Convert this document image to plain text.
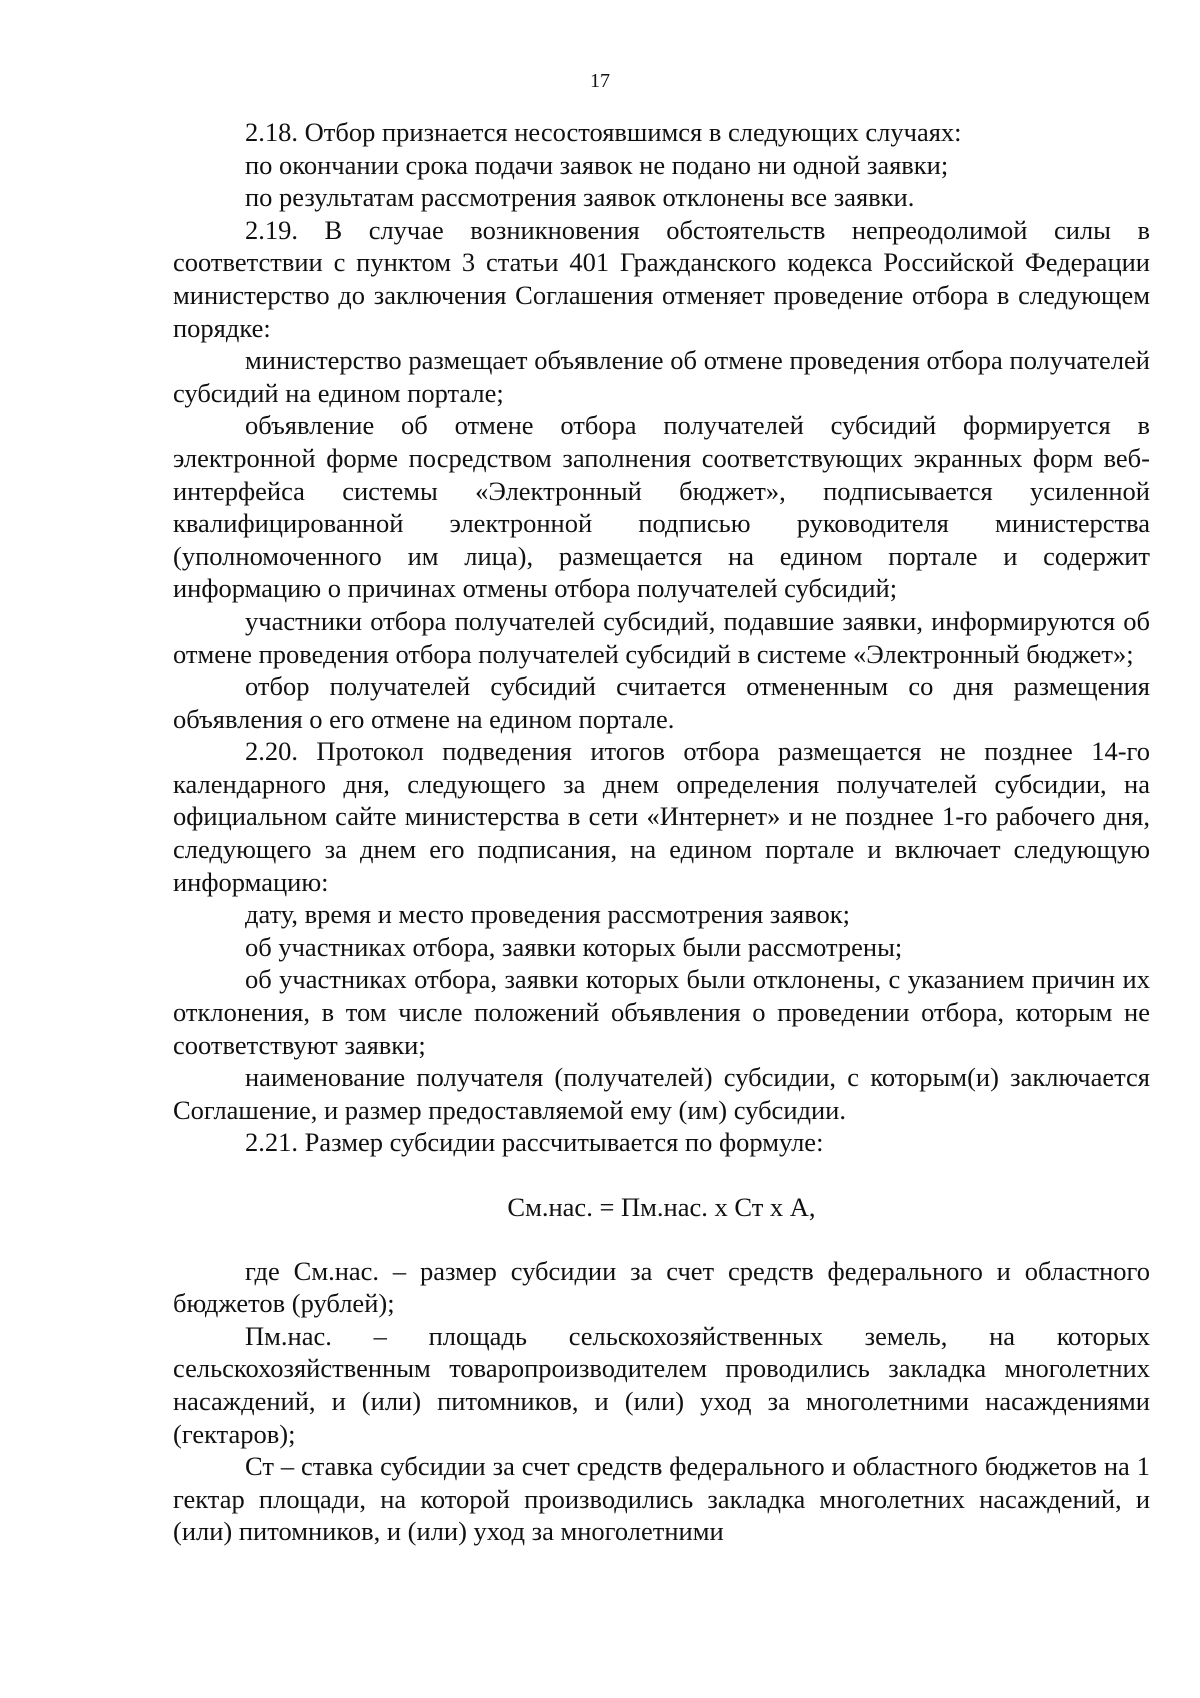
17

2.18. Отбор признается несостоявшимся в следующих случаях:

по окончании срока подачи заявок не подано ни одной заявки;

по результатам рассмотрения заявок отклонены все заявки.

2.19. В случае возникновения обстоятельств непреодолимой силы в соответствии с пунктом 3 статьи 401 Гражданского кодекса Российской Федерации министерство до заключения Соглашения отменяет проведение отбора в следующем порядке:

министерство размещает объявление об отмене проведения отбора получателей субсидий на едином портале;

объявление об отмене отбора получателей субсидий формируется в электронной форме посредством заполнения соответствующих экранных форм веб-интерфейса системы «Электронный бюджет», подписывается усиленной квалифицированной электронной подписью руководителя министерства (уполномоченного им лица), размещается на едином портале и содержит информацию о причинах отмены отбора получателей субсидий;

участники отбора получателей субсидий, подавшие заявки, информируются об отмене проведения отбора получателей субсидий в системе «Электронный бюджет»;

отбор получателей субсидий считается отмененным со дня размещения объявления о его отмене на едином портале.

2.20. Протокол подведения итогов отбора размещается не позднее 14-го календарного дня, следующего за днем определения получателей субсидии, на официальном сайте министерства в сети «Интернет» и не позднее 1-го рабочего дня, следующего за днем его подписания, на едином портале и включает следующую информацию:

дату, время и место проведения рассмотрения заявок;

об участниках отбора, заявки которых были рассмотрены;

об участниках отбора, заявки которых были отклонены, с указанием причин их отклонения, в том числе положений объявления о проведении отбора, которым не соответствуют заявки;

наименование получателя (получателей) субсидии, с которым(и) заключается Соглашение, и размер предоставляемой ему (им) субсидии.

2.21. Размер субсидии рассчитывается по формуле:

См.нас. = Пм.нас. х Ст х А,

где См.нас. – размер субсидии за счет средств федерального и областного бюджетов (рублей);

Пм.нас. – площадь сельскохозяйственных земель, на которых сельскохозяйственным товаропроизводителем проводились закладка многолетних насаждений, и (или) питомников, и (или) уход за многолетними насаждениями (гектаров);

Ст – ставка субсидии за счет средств федерального и областного бюджетов на 1 гектар площади, на которой производились закладка многолетних насаждений, и (или) питомников, и (или) уход за многолетними
